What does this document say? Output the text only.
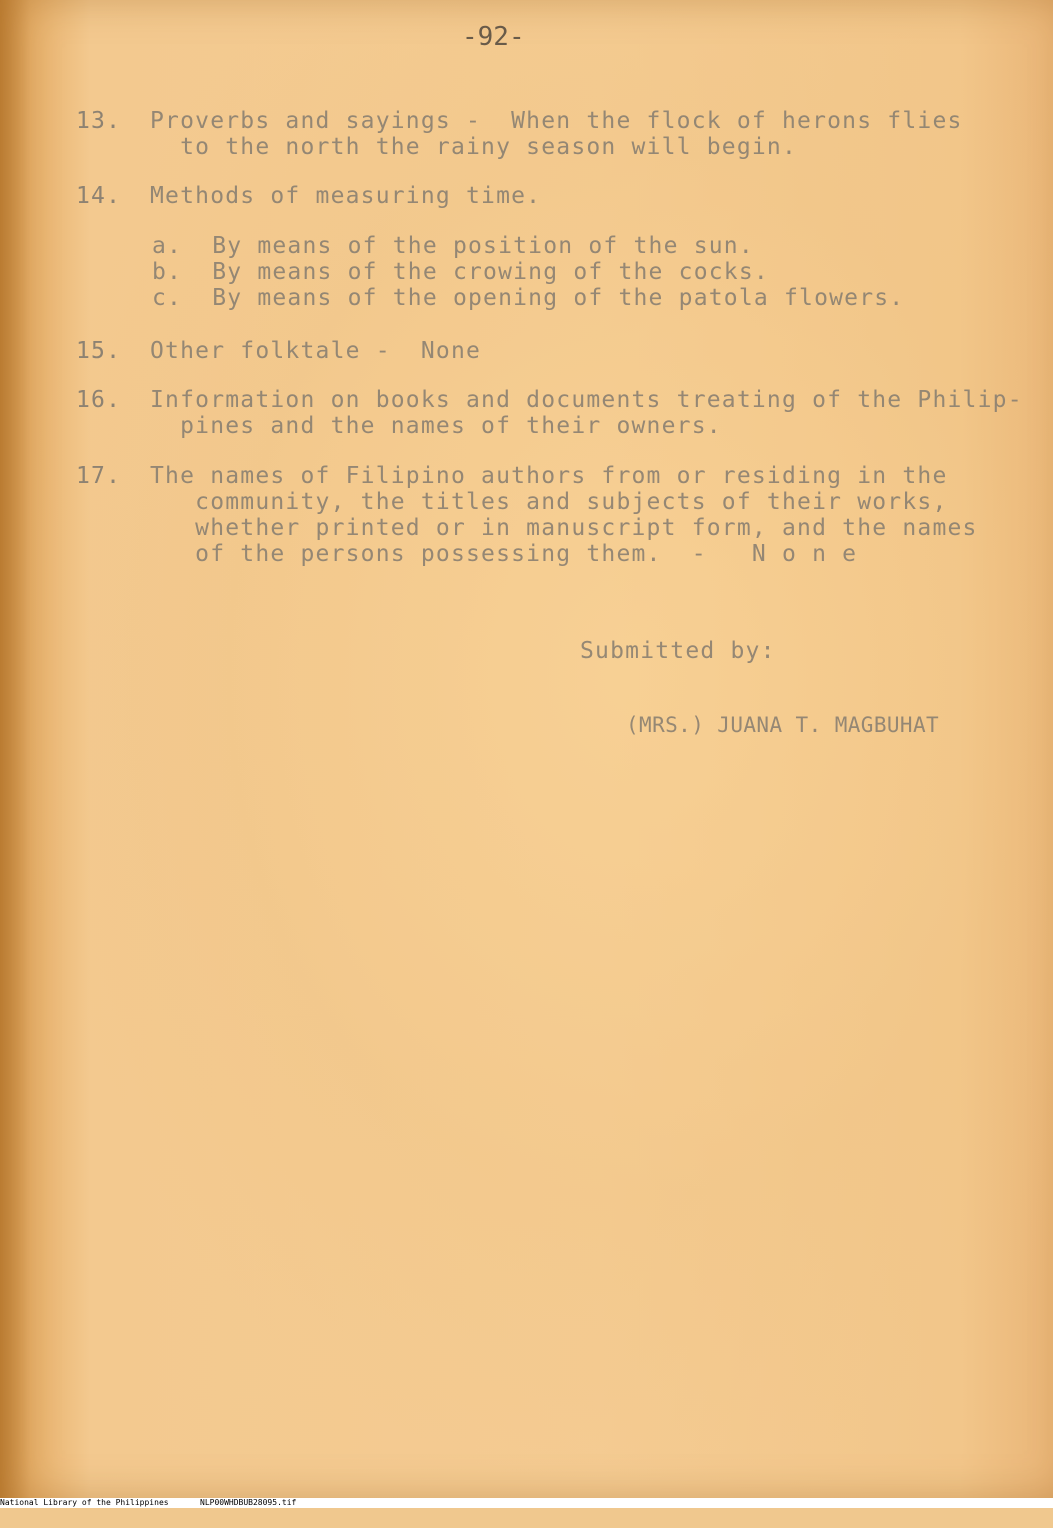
-92-
13. Proverbs and sayings -  When the flock of herons flies
to the north the rainy season will begin.
14. Methods of measuring time.
a.  By means of the position of the sun.
b.  By means of the crowing of the cocks.
c.  By means of the opening of the patola flowers.
15. Other folktale -  None
16. Information on books and documents treating of the Philip-
pines and the names of their owners.
17. The names of Filipino authors from or residing in the
community, the titles and subjects of their works,
whether printed or in manuscript form, and the names
of the persons possessing them.  -   N o n e
Submitted by:
(MRS.) JUANA T. MAGBUHAT

National Library of the Philippines

	NLP00WHDBUB28095.tif
